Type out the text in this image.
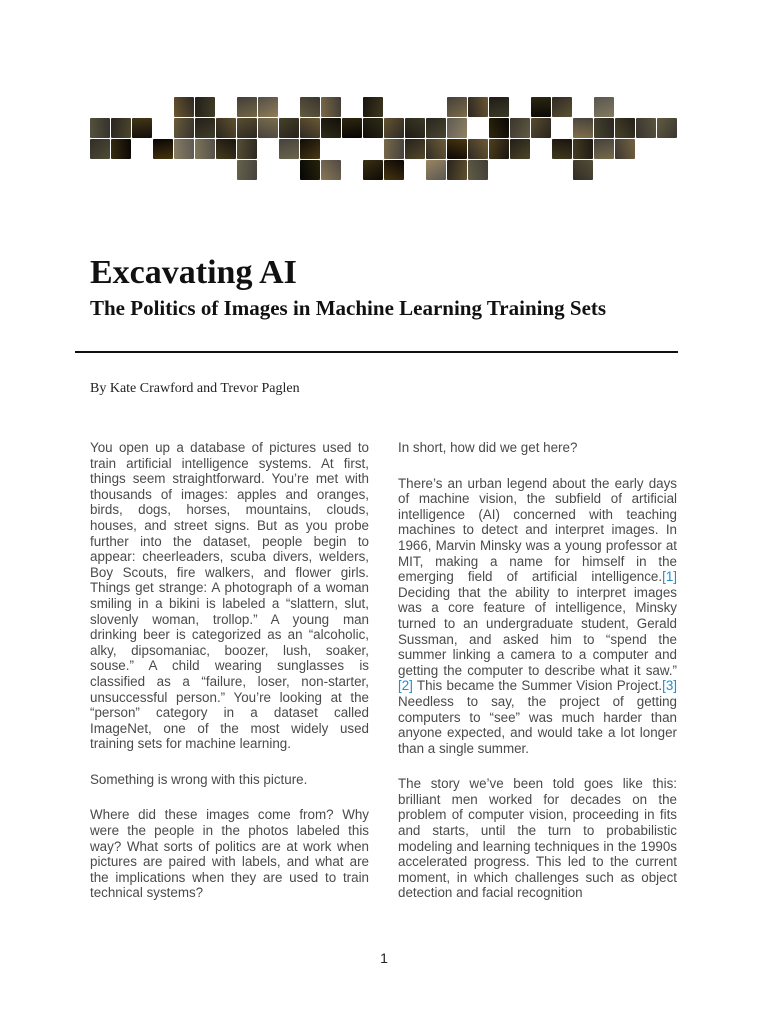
Excavating AI
The Politics of Images in Machine Learning Training Sets
By Kate Crawford and Trevor Paglen

You open up a database of pictures used to train artificial intelligence systems. At first, things seem straightforward. You’re met with thousands of images: apples and oranges, birds, dogs, horses, mountains, clouds, houses, and street signs. But as you probe further into the dataset, people begin to appear: cheerleaders, scuba divers, welders, Boy Scouts, fire walkers, and flower girls. Things get strange: A photograph of a woman smiling in a bikini is labeled a “slattern, slut, slovenly woman, trollop.” A young man drinking beer is categorized as an “alcoholic, alky, dipsomaniac, boozer, lush, soaker, souse.” A child wearing sunglasses is classified as a “failure, loser, non-starter, unsuccessful person.” You’re looking at the “person” category in a dataset called ImageNet, one of the most widely used training sets for machine learning.

Something is wrong with this picture.

Where did these images come from? Why were the people in the photos labeled this way? What sorts of politics are at work when pictures are paired with labels, and what are the implications when they are used to train technical systems?

In short, how did we get here?

There’s an urban legend about the early days of machine vision, the subfield of artificial intelligence (AI) concerned with teaching machines to detect and interpret images. In 1966, Marvin Minsky was a young professor at MIT, making a name for himself in the emerging field of artificial intelligence.[1] Deciding that the ability to interpret images was a core feature of intelligence, Minsky turned to an undergraduate student, Gerald Sussman, and asked him to “spend the summer linking a camera to a computer and getting the computer to describe what it saw.” [2] This became the Summer Vision Project.[3] Needless to say, the project of getting computers to “see” was much harder than anyone expected, and would take a lot longer than a single summer.

The story we’ve been told goes like this: brilliant men worked for decades on the problem of computer vision, proceeding in fits and starts, until the turn to probabilistic modeling and learning techniques in the 1990s accelerated progress. This led to the current moment, in which challenges such as object detection and facial recognition

1
